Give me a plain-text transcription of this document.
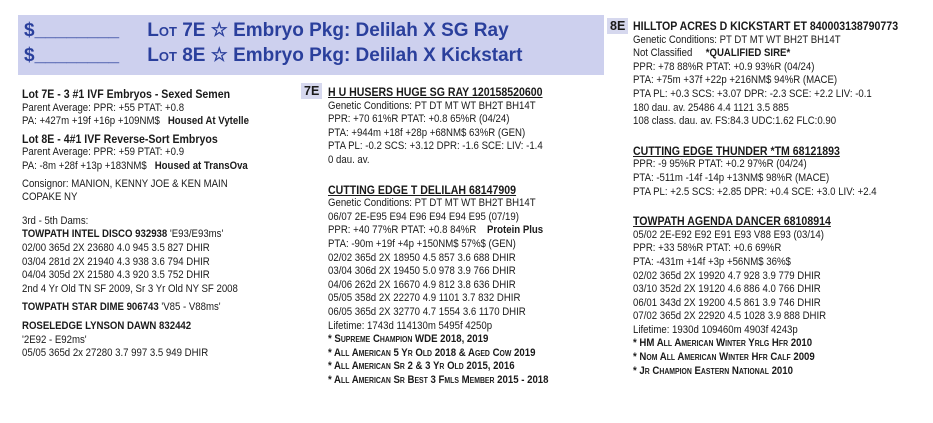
$________ Lot 7E ☆ Embryo Pkg: Delilah X SG Ray
$________ Lot 8E ☆ Embryo Pkg: Delilah X Kickstart
Lot 7E - 3 #1 IVF Embryos - Sexed Semen
Parent Average: PPR: +55 PTAT: +0.8
PA: +427m +19f +16p +109NM$ Housed At Vytelle
Lot 8E - 4#1 IVF Reverse-Sort Embryos
Parent Average: PPR: +59 PTAT: +0.9
PA: -8m +28f +13p +183NM$ Housed at TransOva
Consignor: MANION, KENNY JOE & KEN MAIN
COPAKE NY
3rd - 5th Dams:
TOWPATH INTEL DISCO 932938 'E93/E93ms'
02/00 365d 2X 23680 4.0 945 3.5 827 DHIR
03/04 281d 2X 21940 4.3 938 3.6 794 DHIR
04/04 305d 2X 21580 4.3 920 3.5 752 DHIR
2nd 4 Yr Old TN SF 2009, Sr 3 Yr Old NY SF 2008
TOWPATH STAR DIME 906743 'V85 - V88ms'
ROSELEDGE LYNSON DAWN 832442
'2E92 - E92ms'
05/05 365d 2x 27280 3.7 997 3.5 949 DHIR
7E H U HUSERS HUGE SG RAY 120158520600
Genetic Conditions: PT DT MT WT BH2T BH14T
PPR: +70 61%R PTAT: +0.8 65%R (04/24)
PTA: +944m +18f +28p +68NM$ 63%R (GEN)
PTA PL: -0.2 SCS: +3.12 DPR: -1.6 SCE: LIV: -1.4
0 dau. av.
CUTTING EDGE T DELILAH 68147909
Genetic Conditions: PT DT MT WT BH2T BH14T
06/07 2E-E95 E94 E96 E94 E94 E95 (07/19)
PPR: +40 77%R PTAT: +0.8 84%R Protein Plus
PTA: -90m +19f +4p +150NM$ 57%$ (GEN)
02/02 365d 2X 18950 4.5 857 3.6 688 DHIR
03/04 306d 2X 19450 5.0 978 3.9 766 DHIR
04/06 262d 2X 16670 4.9 812 3.8 636 DHIR
05/05 358d 2X 22270 4.9 1101 3.7 832 DHIR
06/05 365d 2X 32770 4.7 1554 3.6 1170 DHIR
Lifetime: 1743d 114130m 5495f 4250p
* Supreme Champion WDE 2018, 2019
* All American 5 Yr Old 2018 & Aged Cow 2019
* All American Sr 2 & 3 Yr Old 2015, 2016
* All American Sr Best 3 Fmls Member 2015 - 2018
8E HILLTOP ACRES D KICKSTART ET 840003138790773
Genetic Conditions: PT DT MT WT BH2T BH14T
Not Classified *QUALIFIED SIRE*
PPR: +78 88%R PTAT: +0.9 93%R (04/24)
PTA: +75m +37f +22p +216NM$ 94%R (MACE)
PTA PL: +0.3 SCS: +3.07 DPR: -2.3 SCE: +2.2 LIV: -0.1
180 dau. av. 25486 4.4 1121 3.5 885
108 class. dau. av. FS:84.3 UDC:1.62 FLC:0.90
CUTTING EDGE THUNDER *TM 68121893
PPR: -9 95%R PTAT: +0.2 97%R (04/24)
PTA: -511m -14f -14p +13NM$ 98%R (MACE)
PTA PL: +2.5 SCS: +2.85 DPR: +0.4 SCE: +3.0 LIV: +2.4
TOWPATH AGENDA DANCER 68108914
05/02 2E-E92 E92 E91 E93 V88 E93 (03/14)
PPR: +33 58%R PTAT: +0.6 69%R
PTA: -431m +14f +3p +56NM$ 36%$
02/02 365d 2X 19920 4.7 928 3.9 779 DHIR
03/10 352d 2X 19120 4.6 886 4.0 766 DHIR
06/01 343d 2X 19200 4.5 861 3.9 746 DHIR
07/02 365d 2X 22920 4.5 1028 3.9 888 DHIR
Lifetime: 1930d 109460m 4903f 4243p
* HM All American Winter Yrlg Hfr 2010
* Nom All American Winter Hfr Calf 2009
* Jr Champion Eastern National 2010
